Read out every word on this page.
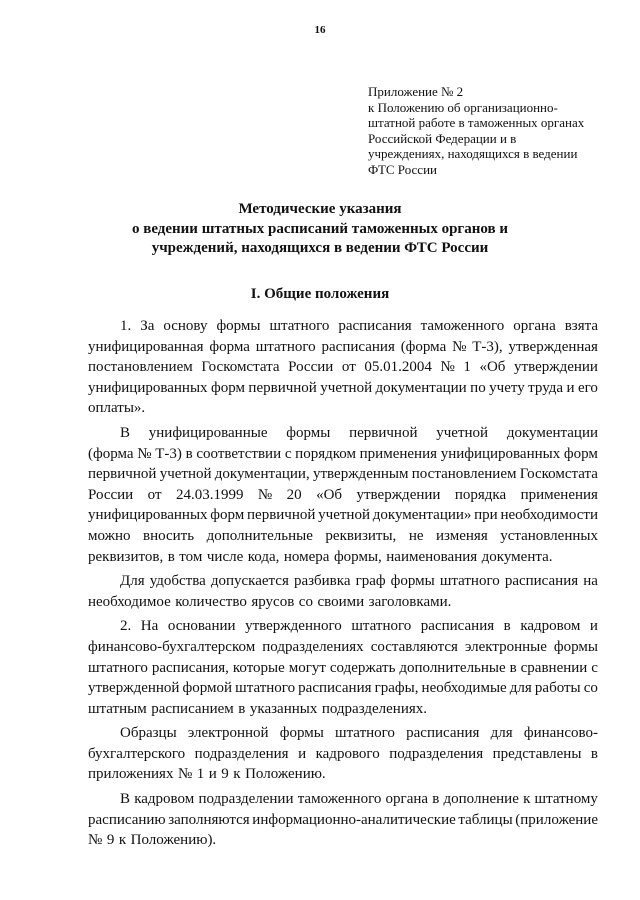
16
Приложение № 2
к Положению об организационно-
штатной работе в таможенных органах
Российской Федерации и в
учреждениях, находящихся в ведении
ФТС России
Методические указания
о ведении штатных расписаний таможенных органов и
учреждений, находящихся в ведении ФТС России
I. Общие положения
1. За основу формы штатного расписания таможенного органа взята
унифицированная форма штатного расписания (форма № Т-3), утвержденная
постановлением Госкомстата России от 05.01.2004 № 1 «Об утверждении
унифицированных форм первичной учетной документации по учету труда и его
оплаты».
В унифицированные формы первичной учетной документации
(форма № Т-3) в соответствии с порядком применения унифицированных форм
первичной учетной документации, утвержденным постановлением Госкомстата
России от 24.03.1999 № 20 «Об утверждении порядка применения
унифицированных форм первичной учетной документации» при необходимости
можно вносить дополнительные реквизиты, не изменяя установленных
реквизитов, в том числе кода, номера формы, наименования документа.
Для удобства допускается разбивка граф формы штатного расписания на
необходимое количество ярусов со своими заголовками.
2. На основании утвержденного штатного расписания в кадровом и
финансово-бухгалтерском подразделениях составляются электронные формы
штатного расписания, которые могут содержать дополнительные в сравнении с
утвержденной формой штатного расписания графы, необходимые для работы со
штатным расписанием в указанных подразделениях.
Образцы электронной формы штатного расписания для финансово-
бухгалтерского подразделения и кадрового подразделения представлены в
приложениях № 1 и 9 к Положению.
В кадровом подразделении таможенного органа в дополнение к штатному
расписанию заполняются информационно-аналитические таблицы (приложение
№ 9 к Положению).
